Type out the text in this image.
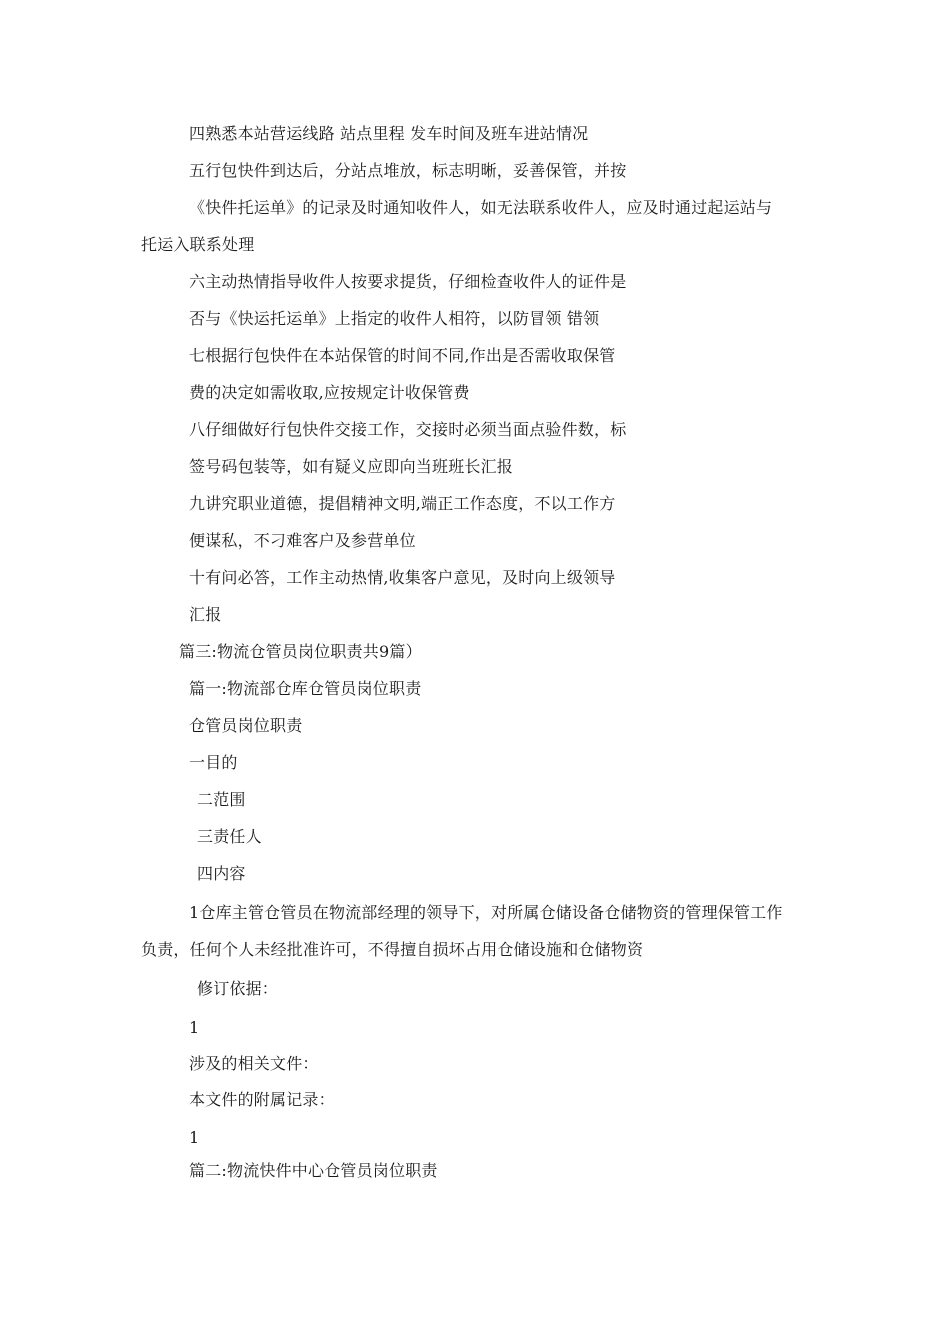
四熟悉本站营运线路 站点里程 发车时间及班车进站情况
五行包快件到达后，分站点堆放，标志明晰，妥善保管，并按
《快件托运单》的记录及时通知收件人，如无法联系收件人，应及时通过起运站与
托运入联系处理
六主动热情指导收件人按要求提货，仔细检查收件人的证件是
否与《快运托运单》上指定的收件人相符，以防冒领 错领
七根据行包快件在本站保管的时间不同,作出是否需收取保管
费的决定如需收取,应按规定计收保管费
八仔细做好行包快件交接工作，交接时必须当面点验件数，标
签号码包装等，如有疑义应即向当班班长汇报
九讲究职业道德，提倡精神文明,端正工作态度，不以工作方
便谋私，不刁难客户及参营单位
十有问必答，工作主动热情,收集客户意见，及时向上级领导
汇报
篇三:物流仓管员岗位职责共9篇）
篇一:物流部仓库仓管员岗位职责
仓管员岗位职责
一目的
二范围
三责任人
四内容
1仓库主管仓管员在物流部经理的领导下，对所属仓储设备仓储物资的管理保管工作
负责，任何个人未经批准许可，不得擅自损坏占用仓储设施和仓储物资
修订依据：
1
涉及的相关文件：
本文件的附属记录：
1
篇二:物流快件中心仓管员岗位职责
